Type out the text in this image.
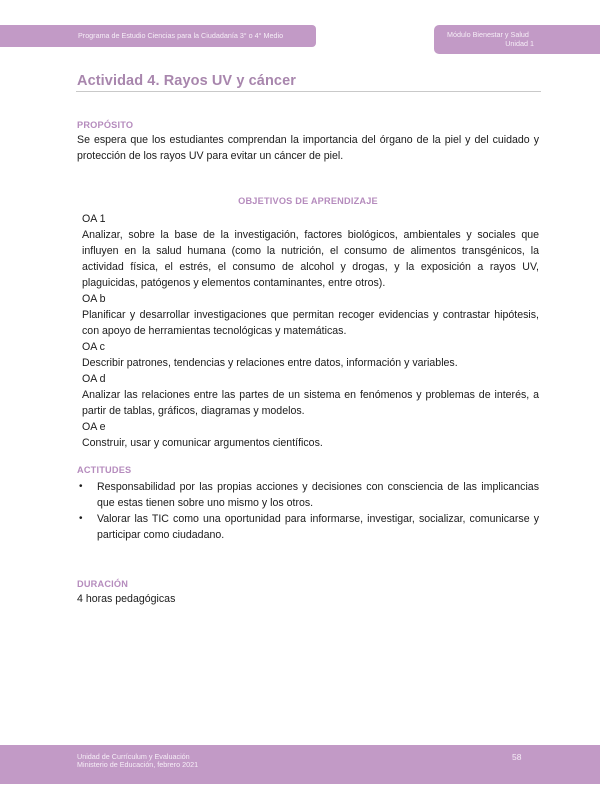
Programa de Estudio Ciencias para la Ciudadanía 3° o 4° Medio	Módulo Bienestar y Salud
Unidad 1
Actividad 4. Rayos UV y cáncer
PROPÓSITO

Se espera que los estudiantes comprendan la importancia del órgano de la piel y del cuidado y protección de los rayos UV para evitar un cáncer de piel.

OBJETIVOS DE APRENDIZAJE
OA 1

Analizar, sobre la base de la investigación, factores biológicos, ambientales y sociales que influyen en la salud humana (como la nutrición, el consumo de alimentos transgénicos, la actividad física, el estrés, el consumo de alcohol y drogas, y la exposición a rayos UV, plaguicidas, patógenos y elementos contaminantes, entre otros).

OA b

Planificar y desarrollar investigaciones que permitan recoger evidencias y contrastar hipótesis, con apoyo de herramientas tecnológicas y matemáticas.

OA c

Describir patrones, tendencias y relaciones entre datos, información y variables.

OA d

Analizar las relaciones entre las partes de un sistema en fenómenos y problemas de interés, a partir de tablas, gráficos, diagramas y modelos.

OA e

Construir, usar y comunicar argumentos científicos.

ACTITUDES
• Responsabilidad por las propias acciones y decisiones con consciencia de las implicancias que estas tienen sobre uno mismo y los otros.
• Valorar las TIC como una oportunidad para informarse, investigar, socializar, comunicarse y participar como ciudadano.
DURACIÓN

4 horas pedagógicas

Unidad de Currículum y Evaluación
Ministerio de Educación, febrero 2021
58
